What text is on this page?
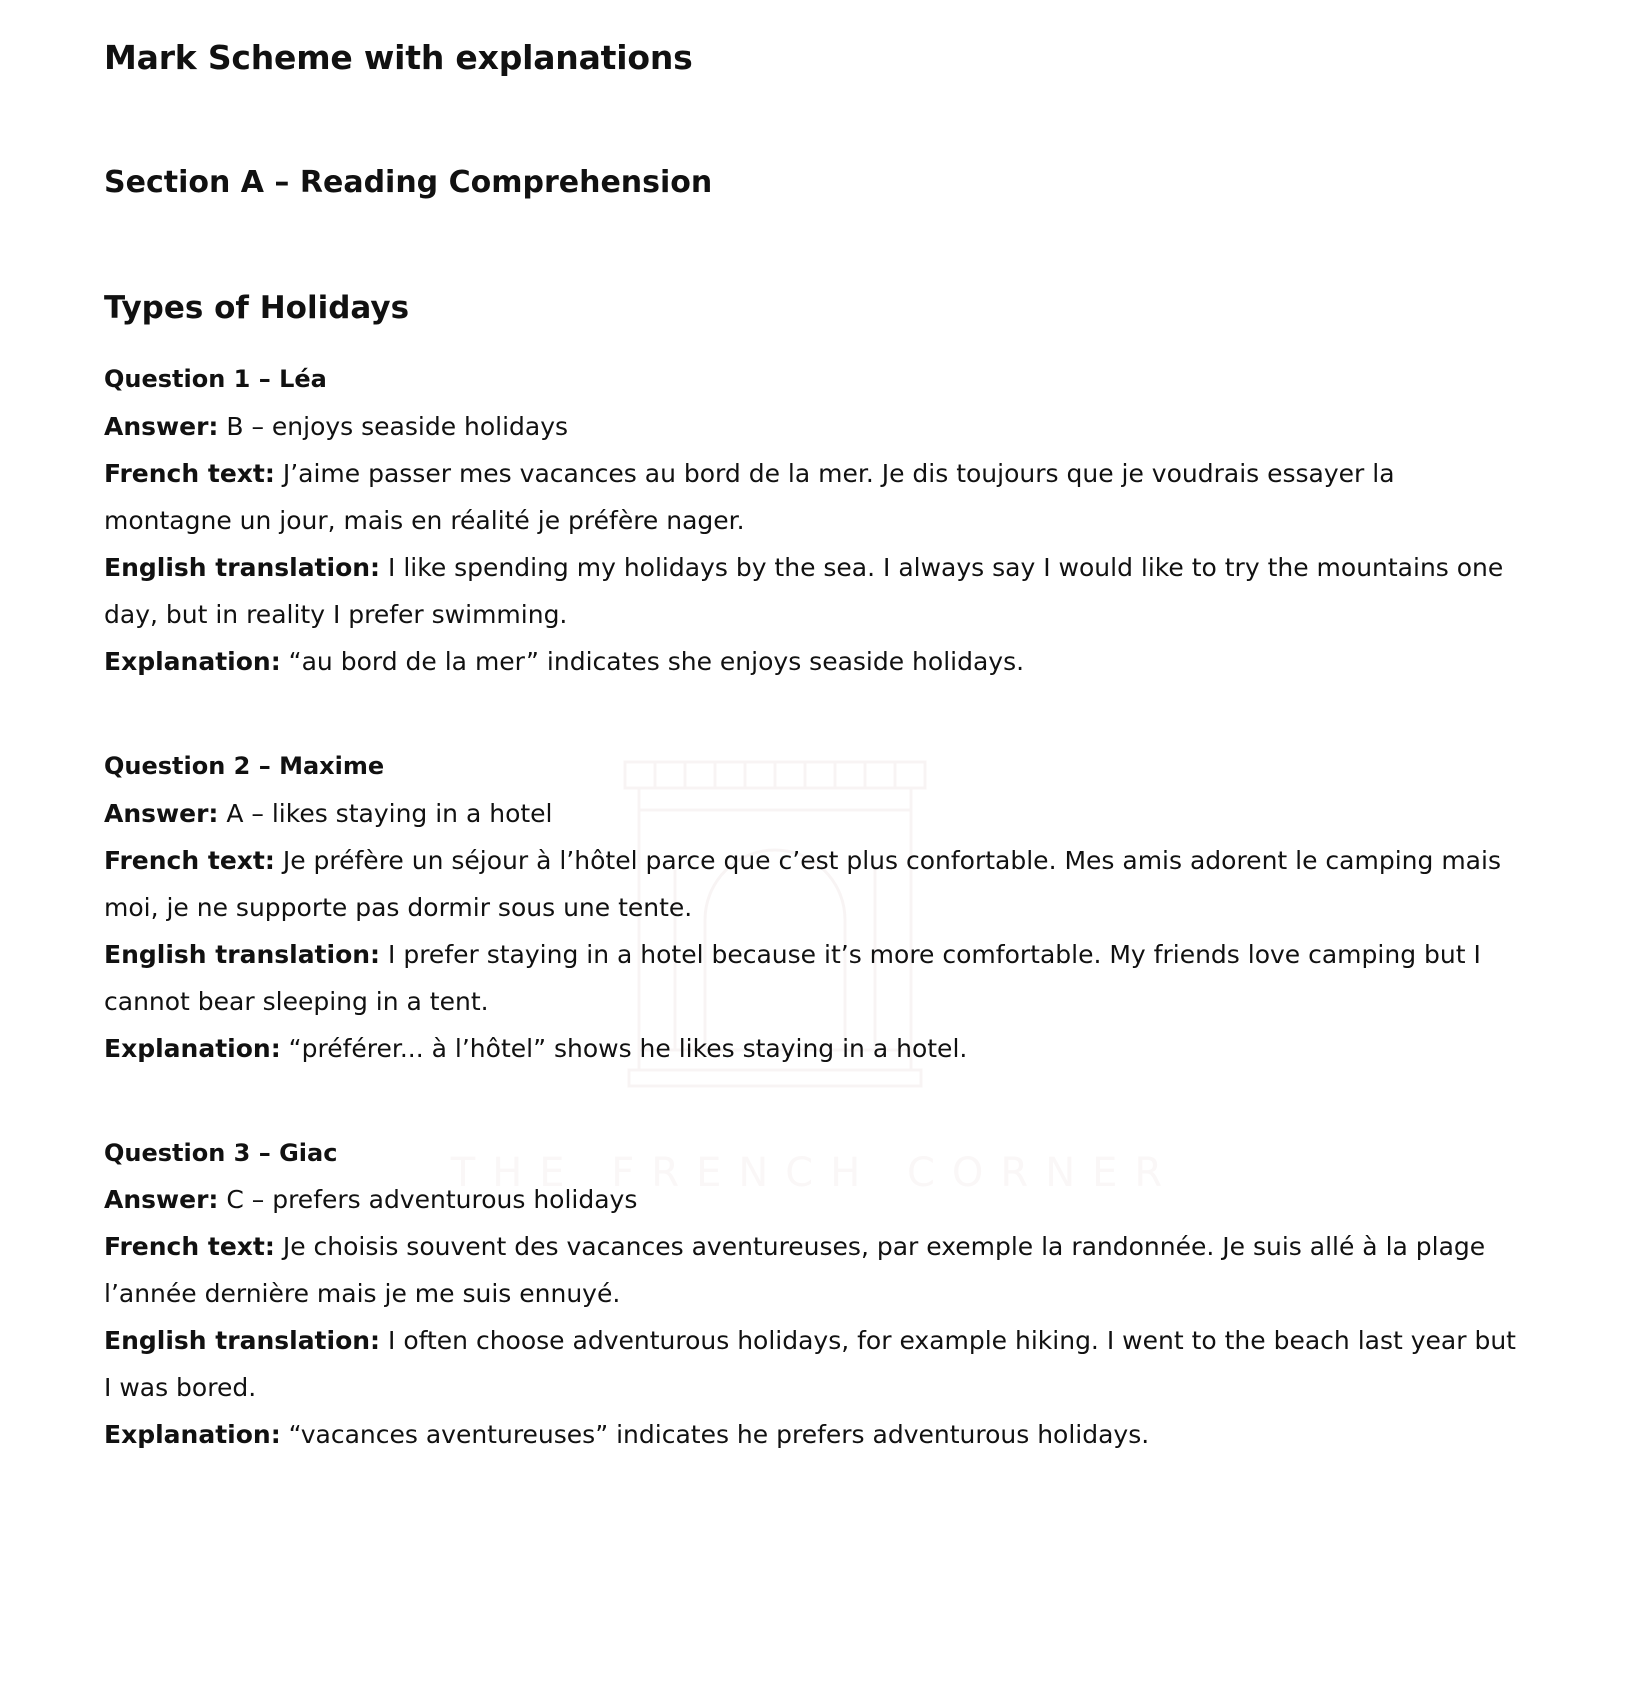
THE FRENCH CORNER
Mark Scheme with explanations
Section A – Reading Comprehension
Types of Holidays

Question 1 – Léa

Answer: B – enjoys seaside holidays

French text: J’aime passer mes vacances au bord de la mer. Je dis toujours que je voudrais essayer la montagne un jour, mais en réalité je préfère nager.

English translation: I like spending my holidays by the sea. I always say I would like to try the mountains one day, but in reality I prefer swimming.

Explanation: “au bord de la mer” indicates she enjoys seaside holidays.

Question 2 – Maxime

Answer: A – likes staying in a hotel

French text: Je préfère un séjour à l’hôtel parce que c’est plus confortable. Mes amis adorent le camping mais moi, je ne supporte pas dormir sous une tente.

English translation: I prefer staying in a hotel because it’s more comfortable. My friends love camping but I cannot bear sleeping in a tent.

Explanation: “préférer... à l’hôtel” shows he likes staying in a hotel.

Question 3 – Giac

Answer: C – prefers adventurous holidays

French text: Je choisis souvent des vacances aventureuses, par exemple la randonnée. Je suis allé à la plage l’année dernière mais je me suis ennuyé.

English translation: I often choose adventurous holidays, for example hiking. I went to the beach last year but I was bored.

Explanation: “vacances aventureuses” indicates he prefers adventurous holidays.
